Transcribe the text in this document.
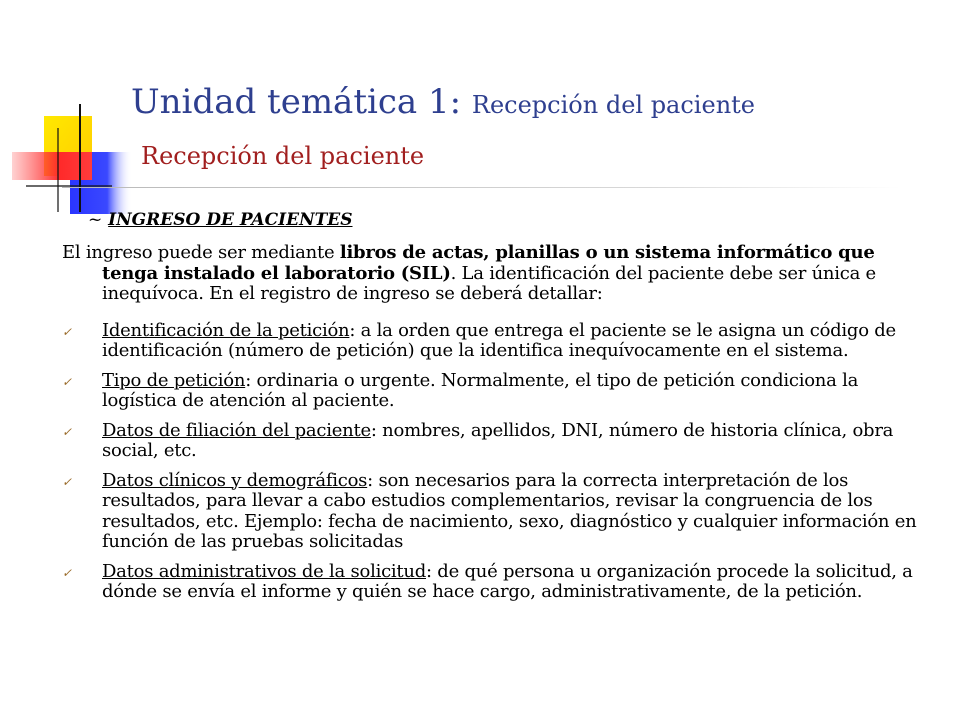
Unidad temática 1: Recepción del paciente
Recepción del paciente
~ INGRESO DE PACIENTES

El ingreso puede ser mediante libros de actas, planillas o un sistema informático que tenga instalado el laboratorio (SIL). La identificación del paciente debe ser única e inequívoca. En el registro de ingreso se deberá detallar:

✓ Identificación de la petición: a la orden que entrega el paciente se le asigna un código de identificación (número de petición) que la identifica inequívocamente en el sistema.
✓ Tipo de petición: ordinaria o urgente. Normalmente, el tipo de petición condiciona la logística de atención al paciente.
✓ Datos de filiación del paciente: nombres, apellidos, DNI, número de historia clínica, obra social, etc.
✓ Datos clínicos y demográficos: son necesarios para la correcta interpretación de los resultados, para llevar a cabo estudios complementarios, revisar la congruencia de los resultados, etc. Ejemplo: fecha de nacimiento, sexo, diagnóstico y cualquier información en función de las pruebas solicitadas
✓ Datos administrativos de la solicitud: de qué persona u organización procede la solicitud, a dónde se envía el informe y quién se hace cargo, administrativamente, de la petición.
